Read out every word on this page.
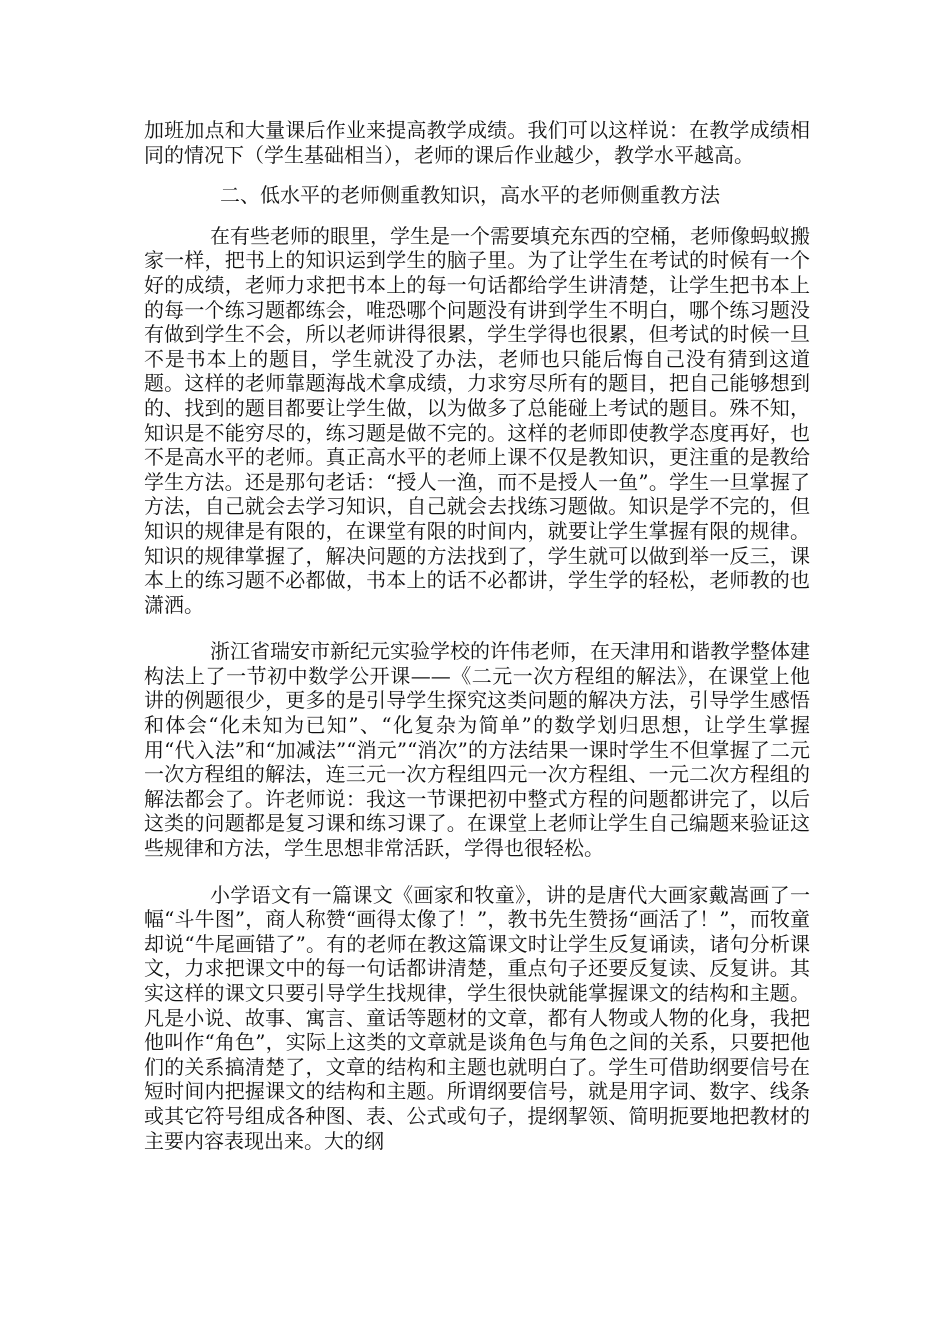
加班加点和大量课后作业来提高教学成绩。我们可以这样说：在教学成绩相同的情况下（学生基础相当），老师的课后作业越少，教学水平越高。

二、低水平的老师侧重教知识，高水平的老师侧重教方法

在有些老师的眼里，学生是一个需要填充东西的空桶，老师像蚂蚁搬家一样，把书上的知识运到学生的脑子里。为了让学生在考试的时候有一个好的成绩，老师力求把书本上的每一句话都给学生讲清楚，让学生把书本上的每一个练习题都练会，唯恐哪个问题没有讲到学生不明白，哪个练习题没有做到学生不会，所以老师讲得很累，学生学得也很累，但考试的时候一旦不是书本上的题目，学生就没了办法，老师也只能后悔自己没有猜到这道题。这样的老师靠题海战术拿成绩，力求穷尽所有的题目，把自己能够想到的、找到的题目都要让学生做，以为做多了总能碰上考试的题目。殊不知，知识是不能穷尽的，练习题是做不完的。这样的老师即使教学态度再好，也不是高水平的老师。真正高水平的老师上课不仅是教知识，更注重的是教给学生方法。还是那句老话：“授人一渔，而不是授人一鱼”。学生一旦掌握了方法，自己就会去学习知识，自己就会去找练习题做。知识是学不完的，但知识的规律是有限的，在课堂有限的时间内，就要让学生掌握有限的规律。知识的规律掌握了，解决问题的方法找到了，学生就可以做到举一反三，课本上的练习题不必都做，书本上的话不必都讲，学生学的轻松，老师教的也潇洒。

浙江省瑞安市新纪元实验学校的许伟老师，在天津用和谐教学整体建构法上了一节初中数学公开课——《二元一次方程组的解法》，在课堂上他讲的例题很少，更多的是引导学生探究这类问题的解决方法，引导学生感悟和体会“化未知为已知”、“化复杂为简单”的数学划归思想，让学生掌握用“代入法”和“加减法”“消元”“消次”的方法结果一课时学生不但掌握了二元一次方程组的解法，连三元一次方程组四元一次方程组、一元二次方程组的解法都会了。许老师说：我这一节课把初中整式方程的问题都讲完了，以后这类的问题都是复习课和练习课了。在课堂上老师让学生自己编题来验证这些规律和方法，学生思想非常活跃，学得也很轻松。

小学语文有一篇课文《画家和牧童》，讲的是唐代大画家戴嵩画了一幅“斗牛图”，商人称赞“画得太像了！”，教书先生赞扬“画活了！”，而牧童却说“牛尾画错了”。有的老师在教这篇课文时让学生反复诵读，诸句分析课文，力求把课文中的每一句话都讲清楚，重点句子还要反复读、反复讲。其实这样的课文只要引导学生找规律，学生很快就能掌握课文的结构和主题。凡是小说、故事、寓言、童话等题材的文章，都有人物或人物的化身，我把他叫作“角色”，实际上这类的文章就是谈角色与角色之间的关系，只要把他们的关系搞清楚了，文章的结构和主题也就明白了。学生可借助纲要信号在短时间内把握课文的结构和主题。所谓纲要信号，就是用字词、数字、线条或其它符号组成各种图、表、公式或句子，提纲挈领、简明扼要地把教材的主要内容表现出来。大的纲
